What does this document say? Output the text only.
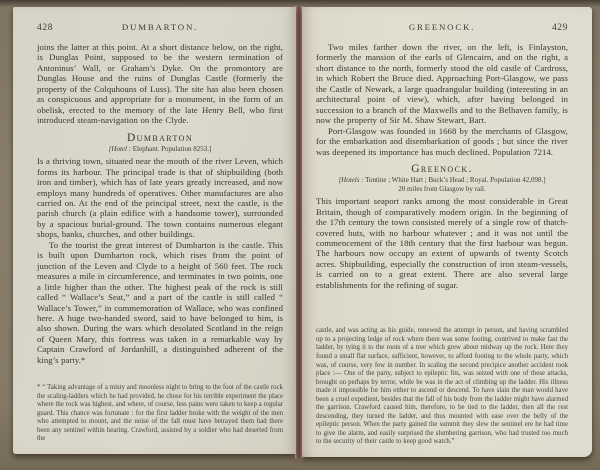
428	DUMBARTON.

joins the latter at this point. At a short distance below, on the right, is Dunglas Point, supposed to be the western termination of Antoninus’ Wall, or Graham’s Dyke. On the promontory are Dunglas House and the ruins of Dunglas Castle (formerly the property of the Colquhouns of Luss). The site has also been chosen as conspicuous and appropriate for a monument, in the form of an obelisk, erected to the memory of the late Henry Bell, who first introduced steam-navigation on the Clyde.

Dumbarton

[Hotel : Elephant. Population 8253.]

Is a thriving town, situated near the mouth of the river Leven, which forms its harbour. The principal trade is that of shipbuilding (both iron and timber), which has of late years greatly increased, and now employs many hundreds of operatives. Other manufactures are also carried on. At the end of the principal street, next the castle, is the parish church (a plain edifice with a handsome tower), surrounded by a spacious burial-ground. The town contains numerous elegant shops, banks, churches, and other buildings.

To the tourist the great interest of Dumbarton is the castle. This is built upon Dumbarton rock, which rises from the point of junction of the Leven and Clyde to a height of 560 feet. The rock measures a mile in circumference, and terminates in two points, one a little higher than the other. The highest peak of the rock is still called “ Wallace’s Seat,” and a part of the castle is still called “ Wallace’s Tower,” in commemoration of Wallace, who was confined here. A huge two-handed sword, said to have belonged to him, is also shown. During the wars which desolated Scotland in the reign of Queen Mary, this fortress was taken in a remarkable way by Captain Crawford of Jordanhill, a distinguished adherent of the king’s party.*

* “ Taking advantage of a misty and moonless night to bring to the foot of the castle rock the scaling-ladders which he had provided, he chose for his terrible experiment the place where the rock was highest, and where, of course, less pains were taken to keep a regular guard. This chance was fortunate : for the first ladder broke with the weight of the men who attempted to mount, and the noise of the fall must have betrayed them had there been any sentinel within hearing. Crawford, assisted by a soldier who had deserted from the

GREENOCK.	429

Two miles farther down the river, on the left, is Finlayston, formerly the mansion of the earls of Glencairn, and on the right, a short distance to the north, formerly stood the old castle of Cardross, in which Robert the Bruce died. Approaching Port-Glasgow, we pass the Castle of Newark, a large quadrangular building (interesting in an architectural point of view), which, after having belonged in succession to a branch of the Maxwells and to the Belhaven family, is now the property of Sir M. Shaw Stewart, Bart.

Port-Glasgow was founded in 1668 by the merchants of Glasgow, for the embarkation and disembarkation of goods ; but since the river was deepened its importance has much declined. Population 7214.

Greenock.

[Hotels : Tontine ; White Hart ; Buck’s Head ; Royal. Population 42,098.]
20 miles from Glasgow by rail.

This important seaport ranks among the most considerable in Great Britain, though of comparatively modern origin. In the beginning of the 17th century the town consisted merely of a single row of thatch-covered huts, with no harbour whatever ; and it was not until the commencement of the 18th century that the first harbour was begun. The harbours now occupy an extent of upwards of twenty Scotch acres. Shipbuilding, especially the construction of iron steam-vessels, is carried on to a great extent. There are also several large establishments for the refining of sugar.

castle, and was acting as his guide, renewed the attempt in person, and having scrambled up to a projecting ledge of rock where there was some footing, contrived to make fast the ladder, by tying it to the roots of a tree which grew about midway up the rock. Here they found a small flat surface, sufficient, however, to afford footing to the whole party, which was, of course, very few in number. In scaling the second precipice another accident took place :— One of the party, subject to epileptic fits, was seized with one of these attacks, brought on perhaps by terror, while he was in the act of climbing up the ladder. His illness made it impossible for him either to ascend or descend. To have slain the man would have been a cruel expedient, besides that the fall of his body from the ladder might have alarmed the garrison. Crawford caused him, therefore, to be tied to the ladder, then all the rest descending, they turned the ladder, and thus mounted with ease over the belly of the epileptic person. When the party gained the summit they slew the sentinel ere he had time to give the alarm, and easily surprised the slumbering garrison, who had trusted too much to the security of their castle to keep good watch.”
